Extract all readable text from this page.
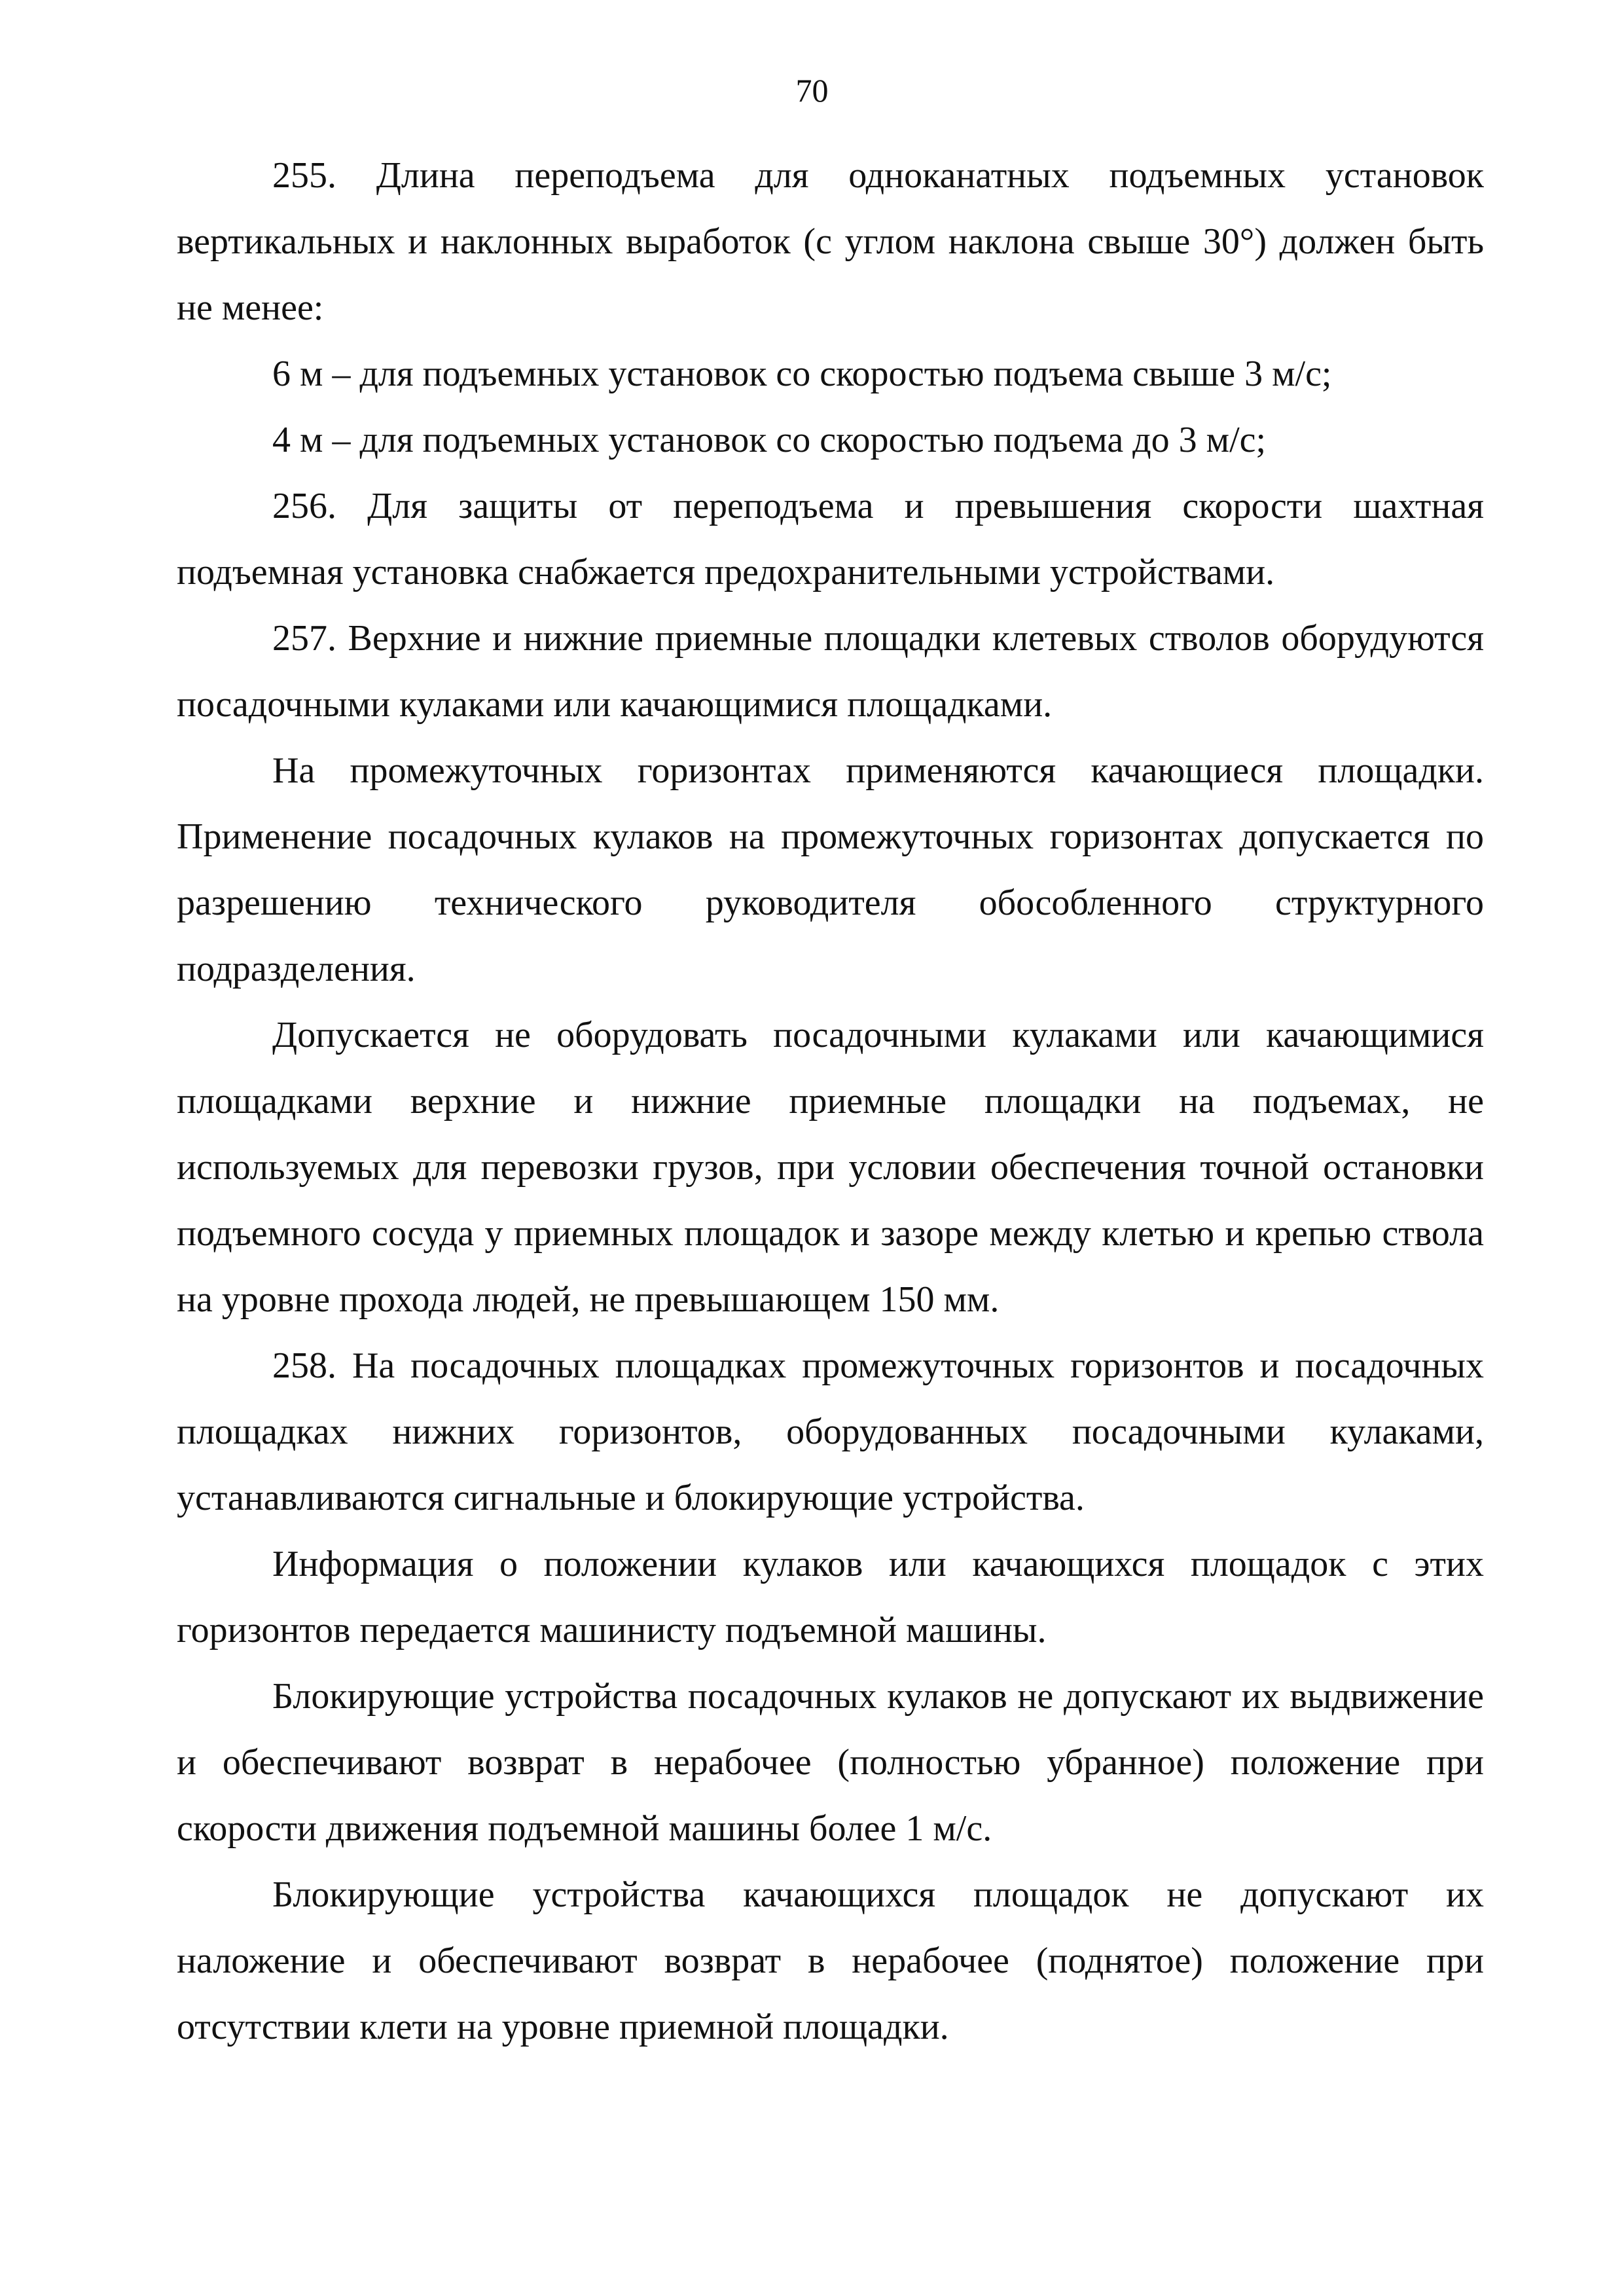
70

255. Длина переподъема для одноканатных подъемных установок вертикальных и наклонных выработок (с углом наклона свыше 30°) должен быть не менее:

6 м – для подъемных установок со скоростью подъема свыше 3 м/с;

4 м – для подъемных установок со скоростью подъема до 3 м/с;

256. Для защиты от переподъема и превышения скорости шахтная подъемная установка снабжается предохранительными устройствами.

257. Верхние и нижние приемные площадки клетевых стволов оборудуются посадочными кулаками или качающимися площадками.

На промежуточных горизонтах применяются качающиеся площадки. Применение посадочных кулаков на промежуточных горизонтах допускается по разрешению технического руководителя обособленного структурного подразделения.

Допускается не оборудовать посадочными кулаками или качающимися площадками верхние и нижние приемные площадки на подъемах, не используемых для перевозки грузов, при условии обеспечения точной остановки подъемного сосуда у приемных площадок и зазоре между клетью и крепью ствола на уровне прохода людей, не превышающем 150 мм.

258. На посадочных площадках промежуточных горизонтов и посадочных площадках нижних горизонтов, оборудованных посадочными кулаками, устанавливаются сигнальные и блокирующие устройства.

Информация о положении кулаков или качающихся площадок с этих горизонтов передается машинисту подъемной машины.

Блокирующие устройства посадочных кулаков не допускают их выдвижение и обеспечивают возврат в нерабочее (полностью убранное) положение при скорости движения подъемной машины более 1 м/с.

Блокирующие устройства качающихся площадок не допускают их наложение и обеспечивают возврат в нерабочее (поднятое) положение при отсутствии клети на уровне приемной площадки.
